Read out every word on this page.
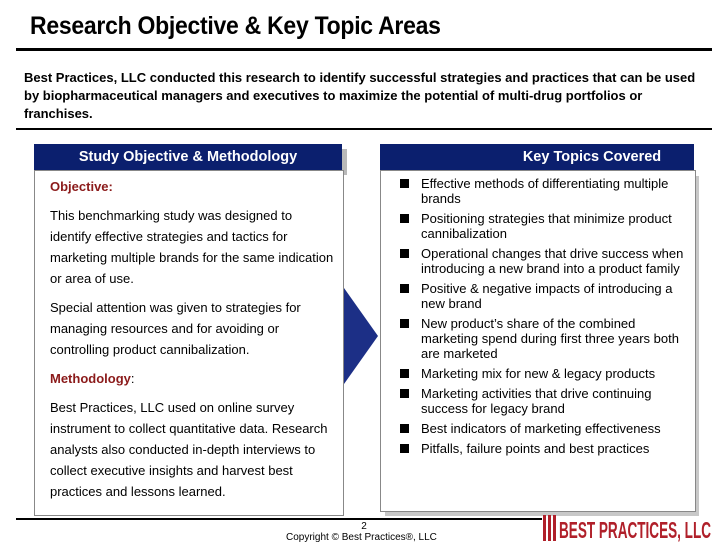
Research Objective & Key Topic Areas
Best Practices, LLC conducted this research to identify successful strategies and practices that can be used by biopharmaceutical managers and executives to maximize the potential of multi-drug portfolios or franchises.
Study Objective & Methodology

Objective:

This benchmarking study was designed to identify effective strategies and tactics for marketing multiple brands for the same indication or area of use.

Special attention was given to strategies for managing resources and for avoiding or controlling product cannibalization.

Methodology:

Best Practices, LLC used on online survey instrument to collect quantitative data. Research analysts also conducted in-depth interviews to collect executive insights and harvest best practices and lessons learned.

Key Topics Covered
Effective methods of differentiating multiple brands
Positioning strategies that minimize product cannibalization
Operational changes that drive success when introducing a new brand into a product family
Positive & negative impacts of introducing a new brand
New product’s share of the combined marketing spend during first three years both are marketed
Marketing mix for new & legacy products
Marketing activities that drive continuing success for legacy brand
Best indicators of marketing effectiveness
Pitfalls, failure points and best practices
2
Copyright © Best Practices®, LLC	BEST PRACTICES, LLC
